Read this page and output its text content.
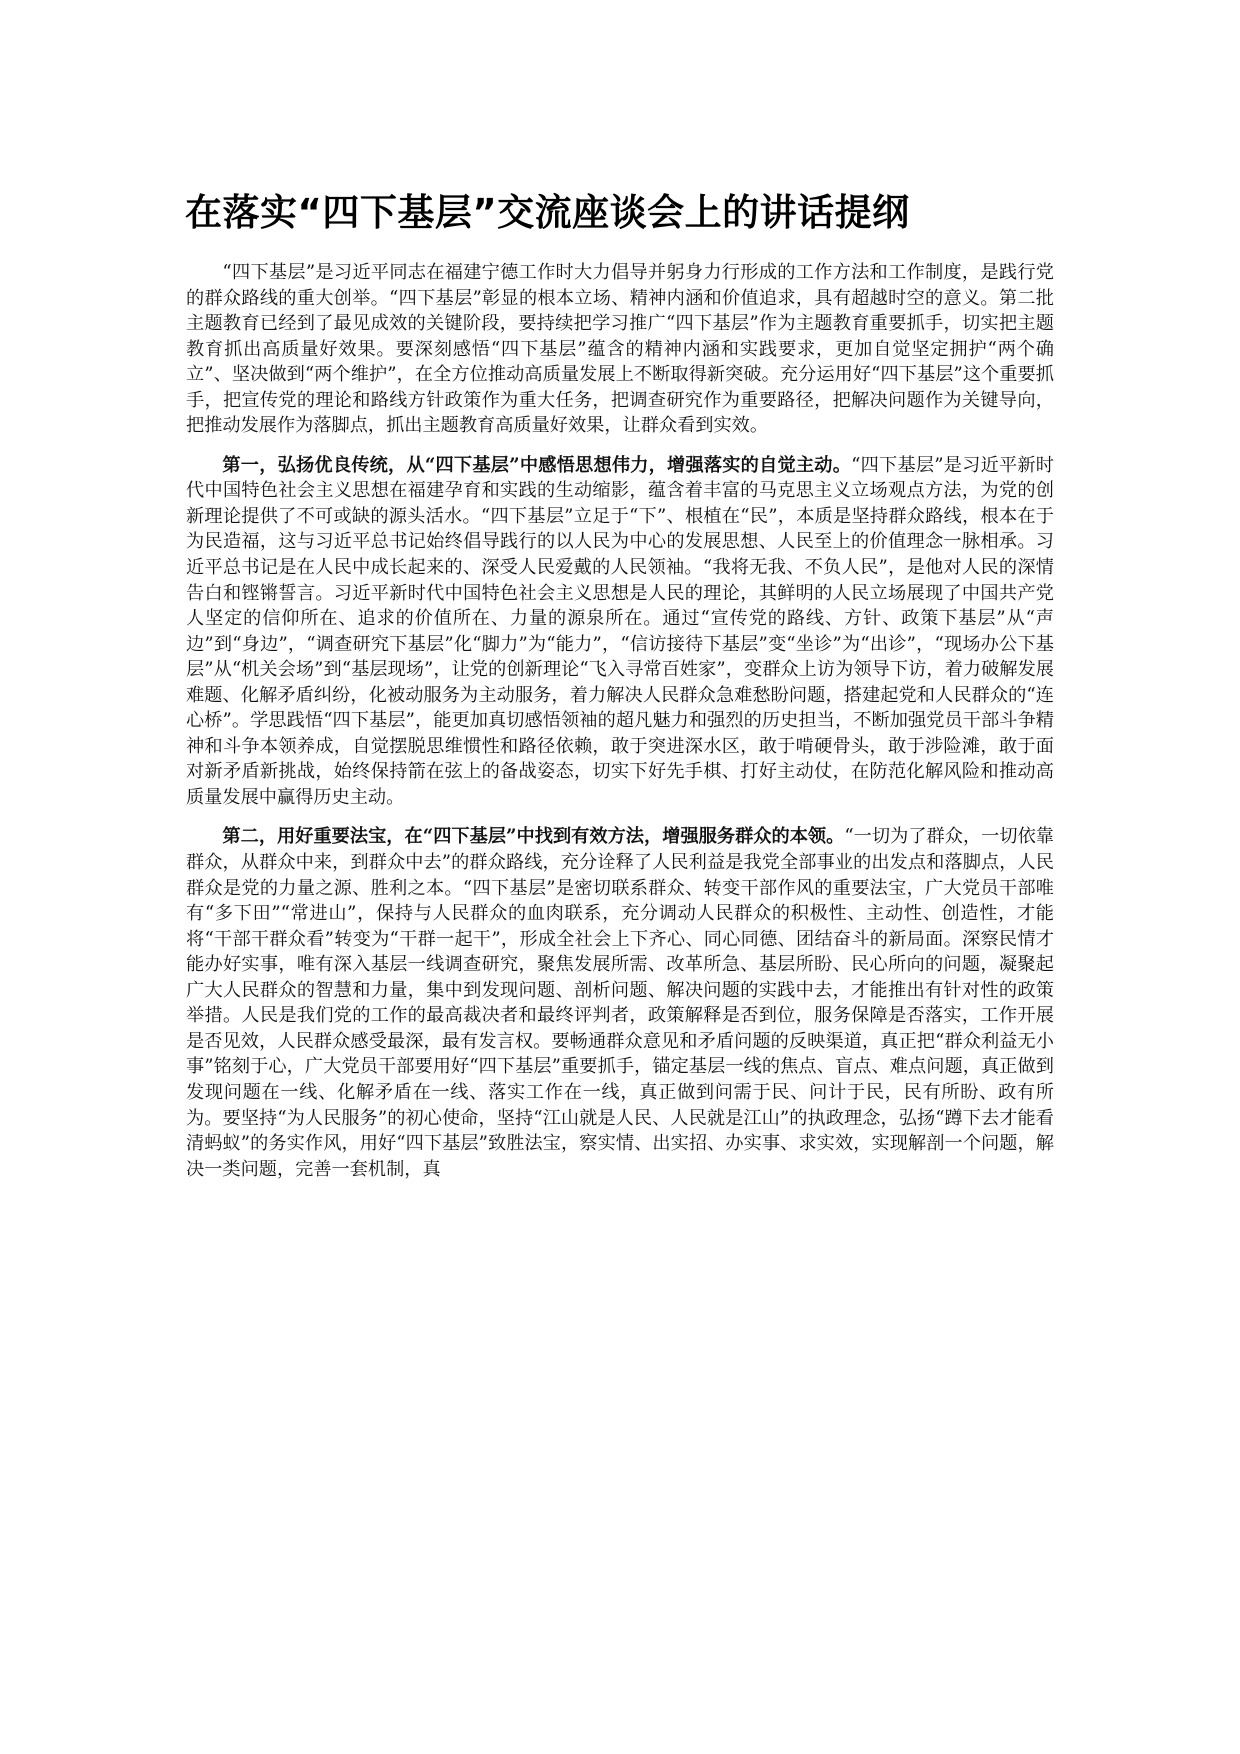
在落实“四下基层”交流座谈会上的讲话提纲

“四下基层”是习近平同志在福建宁德工作时大力倡导并躬身力行形成的工作方法和工作制度，是践行党的群众路线的重大创举。“四下基层”彰显的根本立场、精神内涵和价值追求，具有超越时空的意义。第二批主题教育已经到了最见成效的关键阶段，要持续把学习推广“四下基层”作为主题教育重要抓手，切实把主题教育抓出高质量好效果。要深刻感悟“四下基层”蕴含的精神内涵和实践要求，更加自觉坚定拥护“两个确立”、坚决做到“两个维护”，在全方位推动高质量发展上不断取得新突破。充分运用好“四下基层”这个重要抓手，把宣传党的理论和路线方针政策作为重大任务，把调查研究作为重要路径，把解决问题作为关键导向，把推动发展作为落脚点，抓出主题教育高质量好效果，让群众看到实效。

第一，弘扬优良传统，从“四下基层”中感悟思想伟力，增强落实的自觉主动。“四下基层”是习近平新时代中国特色社会主义思想在福建孕育和实践的生动缩影，蕴含着丰富的马克思主义立场观点方法，为党的创新理论提供了不可或缺的源头活水。“四下基层”立足于“下”、根植在“民”，本质是坚持群众路线，根本在于为民造福，这与习近平总书记始终倡导践行的以人民为中心的发展思想、人民至上的价值理念一脉相承。习近平总书记是在人民中成长起来的、深受人民爱戴的人民领袖。“我将无我、不负人民”，是他对人民的深情告白和铿锵誓言。习近平新时代中国特色社会主义思想是人民的理论，其鲜明的人民立场展现了中国共产党人坚定的信仰所在、追求的价值所在、力量的源泉所在。通过“宣传党的路线、方针、政策下基层”从“声边”到“身边”，“调查研究下基层”化“脚力”为“能力”，“信访接待下基层”变“坐诊”为“出诊”，“现场办公下基层”从“机关会场”到“基层现场”，让党的创新理论“飞入寻常百姓家”，变群众上访为领导下访，着力破解发展难题、化解矛盾纠纷，化被动服务为主动服务，着力解决人民群众急难愁盼问题，搭建起党和人民群众的“连心桥”。学思践悟“四下基层”，能更加真切感悟领袖的超凡魅力和强烈的历史担当，不断加强党员干部斗争精神和斗争本领养成，自觉摆脱思维惯性和路径依赖，敢于突进深水区，敢于啃硬骨头，敢于涉险滩，敢于面对新矛盾新挑战，始终保持箭在弦上的备战姿态，切实下好先手棋、打好主动仗，在防范化解风险和推动高质量发展中赢得历史主动。

第二，用好重要法宝，在“四下基层”中找到有效方法，增强服务群众的本领。“一切为了群众，一切依靠群众，从群众中来，到群众中去”的群众路线，充分诠释了人民利益是我党全部事业的出发点和落脚点，人民群众是党的力量之源、胜利之本。“四下基层”是密切联系群众、转变干部作风的重要法宝，广大党员干部唯有“多下田”“常进山”，保持与人民群众的血肉联系，充分调动人民群众的积极性、主动性、创造性，才能将“干部干群众看”转变为“干群一起干”，形成全社会上下齐心、同心同德、团结奋斗的新局面。深察民情才能办好实事，唯有深入基层一线调查研究，聚焦发展所需、改革所急、基层所盼、民心所向的问题，凝聚起广大人民群众的智慧和力量，集中到发现问题、剖析问题、解决问题的实践中去，才能推出有针对性的政策举措。人民是我们党的工作的最高裁决者和最终评判者，政策解释是否到位，服务保障是否落实，工作开展是否见效，人民群众感受最深，最有发言权。要畅通群众意见和矛盾问题的反映渠道，真正把“群众利益无小事”铭刻于心，广大党员干部要用好“四下基层”重要抓手，锚定基层一线的焦点、盲点、难点问题，真正做到发现问题在一线、化解矛盾在一线、落实工作在一线，真正做到问需于民、问计于民，民有所盼、政有所为。要坚持“为人民服务”的初心使命，坚持“江山就是人民、人民就是江山”的执政理念，弘扬“蹲下去才能看清蚂蚁”的务实作风，用好“四下基层”致胜法宝，察实情、出实招、办实事、求实效，实现解剖一个问题，解决一类问题，完善一套机制，真
